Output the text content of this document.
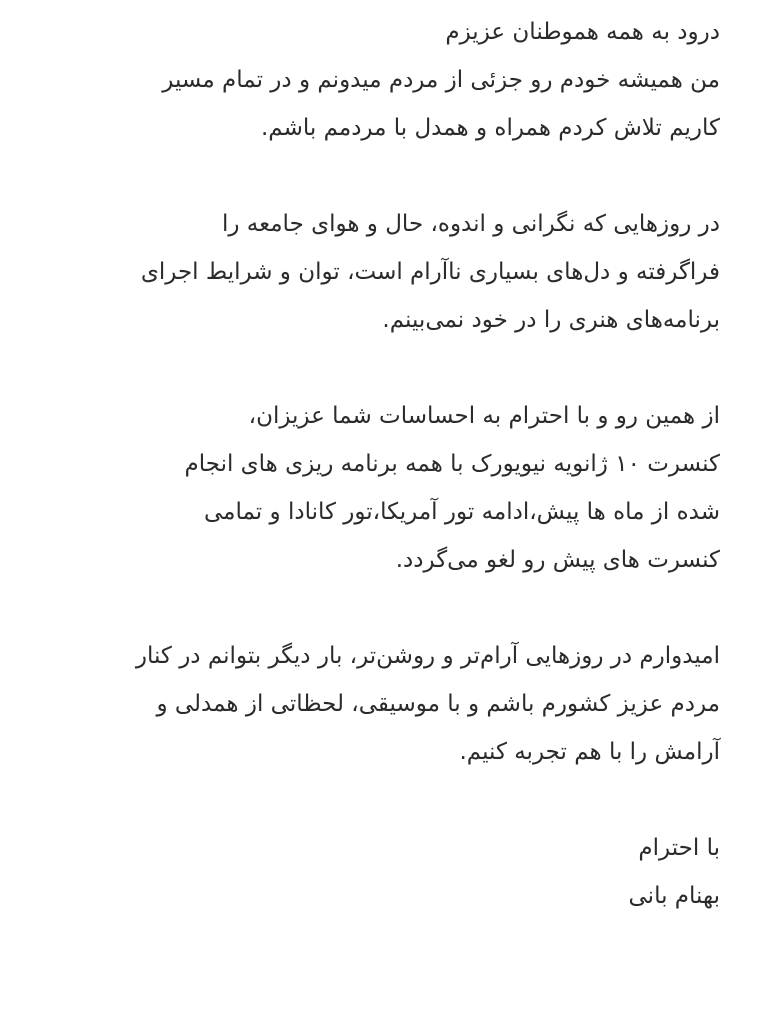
درود به همه هموطنان عزیزم
من همیشه خودم رو جزئی از مردم میدونم و در تمام مسیر
کاریم تلاش کردم همراه و همدل با مردمم باشم.
در روزهایی که نگرانی و اندوه، حال و هوای جامعه را
فراگرفته و دل‌های بسیاری ناآرام است، توان و شرایط اجرای
برنامه‌های هنری را در خود نمی‌بینم.
از همین رو و با احترام به احساسات شما عزیزان،
کنسرت ۱۰ ژانویه نیویورک با همه برنامه ریزی های انجام
شده از ماه ها پیش،ادامه تور آمریکا،تور کانادا و تمامی
کنسرت های پیش رو لغو می‌گردد.
امیدوارم در روزهایی آرام‌تر و روشن‌تر، بار دیگر بتوانم در کنار
مردم عزیز کشورم باشم و با موسیقی، لحظاتی از همدلی و
آرامش را با هم تجربه کنیم.
با احترام
بهنام بانی
